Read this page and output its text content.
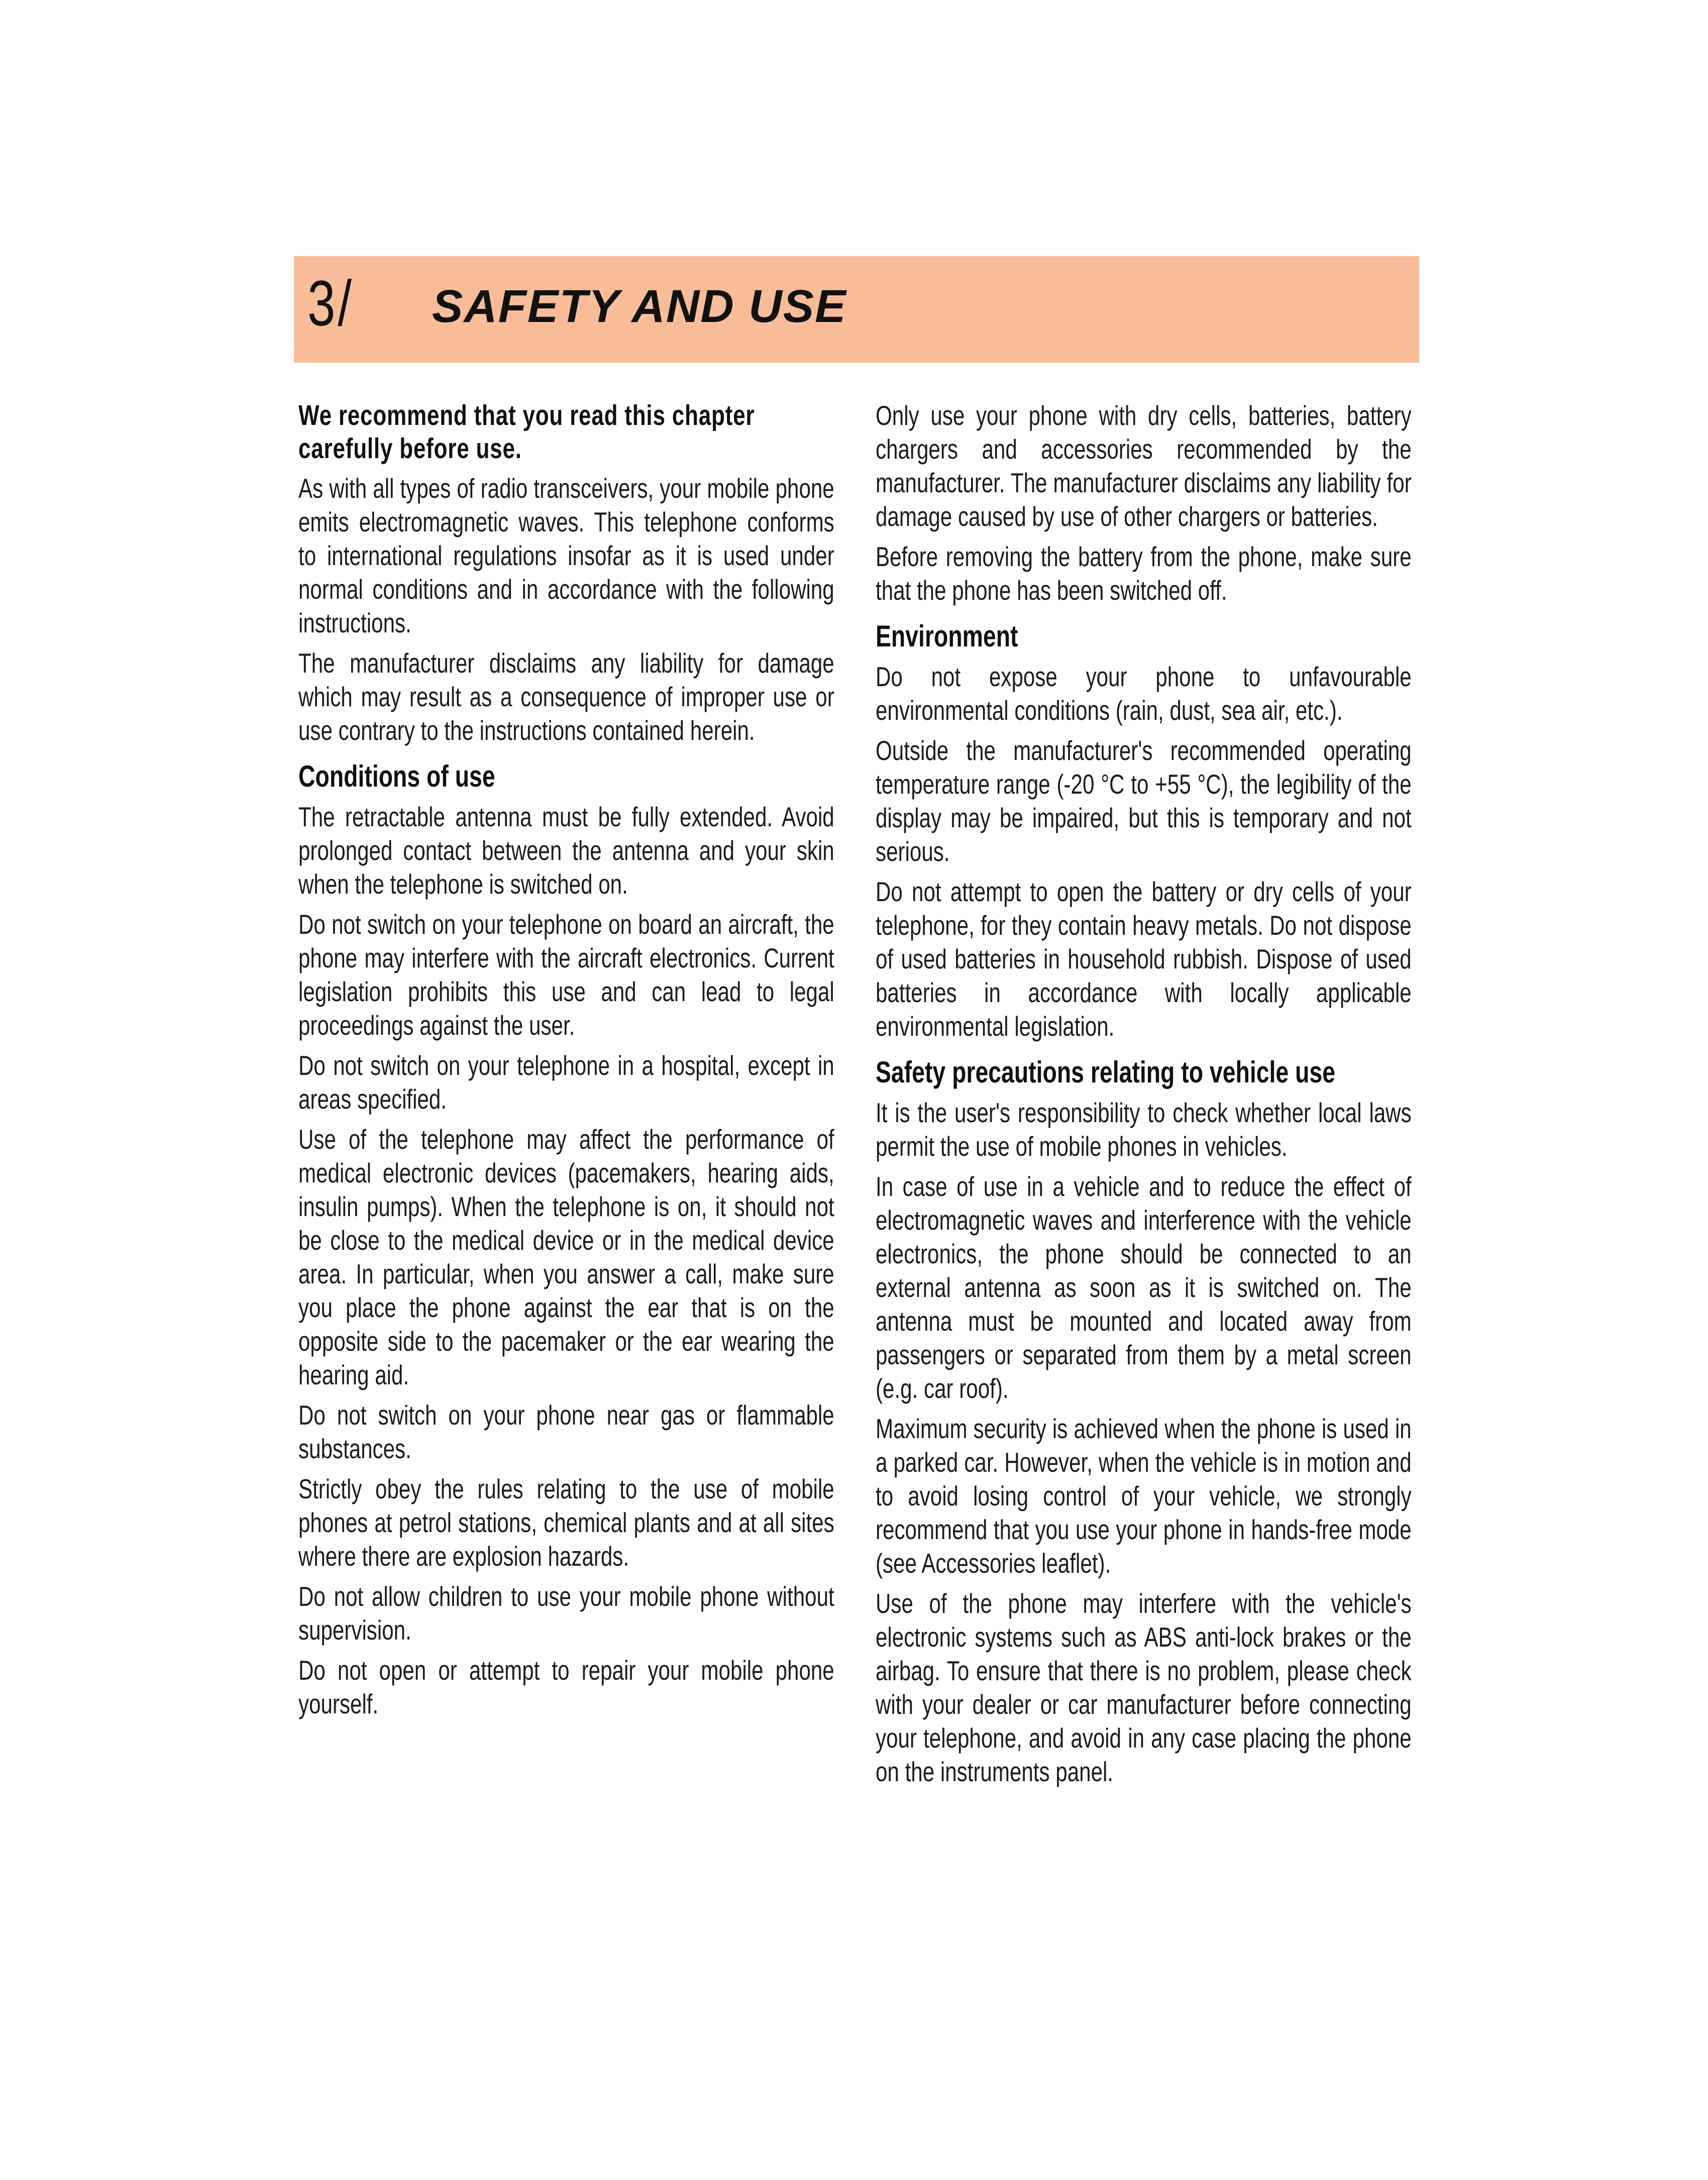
3/ SAFETY AND USE

We recommend that you read this chapter carefully before use.

As with all types of radio transceivers, your mobile phone emits electromagnetic waves. This telephone conforms to international regulations insofar as it is used under normal conditions and in accordance with the following instructions.

The manufacturer disclaims any liability for damage which may result as a consequence of improper use or use contrary to the instructions contained herein.

Conditions of use

The retractable antenna must be fully extended. Avoid prolonged contact between the antenna and your skin when the telephone is switched on.

Do not switch on your telephone on board an aircraft, the phone may interfere with the aircraft electronics. Current legislation prohibits this use and can lead to legal proceedings against the user.

Do not switch on your telephone in a hospital, except in areas specified.

Use of the telephone may affect the performance of medical electronic devices (pacemakers, hearing aids, insulin pumps). When the telephone is on, it should not be close to the medical device or in the medical device area. In particular, when you answer a call, make sure you place the phone against the ear that is on the opposite side to the pacemaker or the ear wearing the hearing aid.

Do not switch on your phone near gas or flammable substances.

Strictly obey the rules relating to the use of mobile phones at petrol stations, chemical plants and at all sites where there are explosion hazards.

Do not allow children to use your mobile phone without supervision.

Do not open or attempt to repair your mobile phone yourself.

Only use your phone with dry cells, batteries, battery chargers and accessories recommended by the manufacturer. The manufacturer disclaims any liability for damage caused by use of other chargers or batteries.

Before removing the battery from the phone, make sure that the phone has been switched off.

Environment

Do not expose your phone to unfavourable environmental conditions (rain, dust, sea air, etc.).

Outside the manufacturer's recommended operating temperature range (-20 °C to +55 °C), the legibility of the display may be impaired, but this is temporary and not serious.

Do not attempt to open the battery or dry cells of your telephone, for they contain heavy metals. Do not dispose of used batteries in household rubbish. Dispose of used batteries in accordance with locally applicable environmental legislation.

Safety precautions relating to vehicle use

It is the user's responsibility to check whether local laws permit the use of mobile phones in vehicles.

In case of use in a vehicle and to reduce the effect of electromagnetic waves and interference with the vehicle electronics, the phone should be connected to an external antenna as soon as it is switched on. The antenna must be mounted and located away from passengers or separated from them by a metal screen (e.g. car roof).

Maximum security is achieved when the phone is used in a parked car. However, when the vehicle is in motion and to avoid losing control of your vehicle, we strongly recommend that you use your phone in hands-free mode (see Accessories leaflet).

Use of the phone may interfere with the vehicle's electronic systems such as ABS anti-lock brakes or the airbag. To ensure that there is no problem, please check with your dealer or car manufacturer before connecting your telephone, and avoid in any case placing the phone on the instruments panel.
